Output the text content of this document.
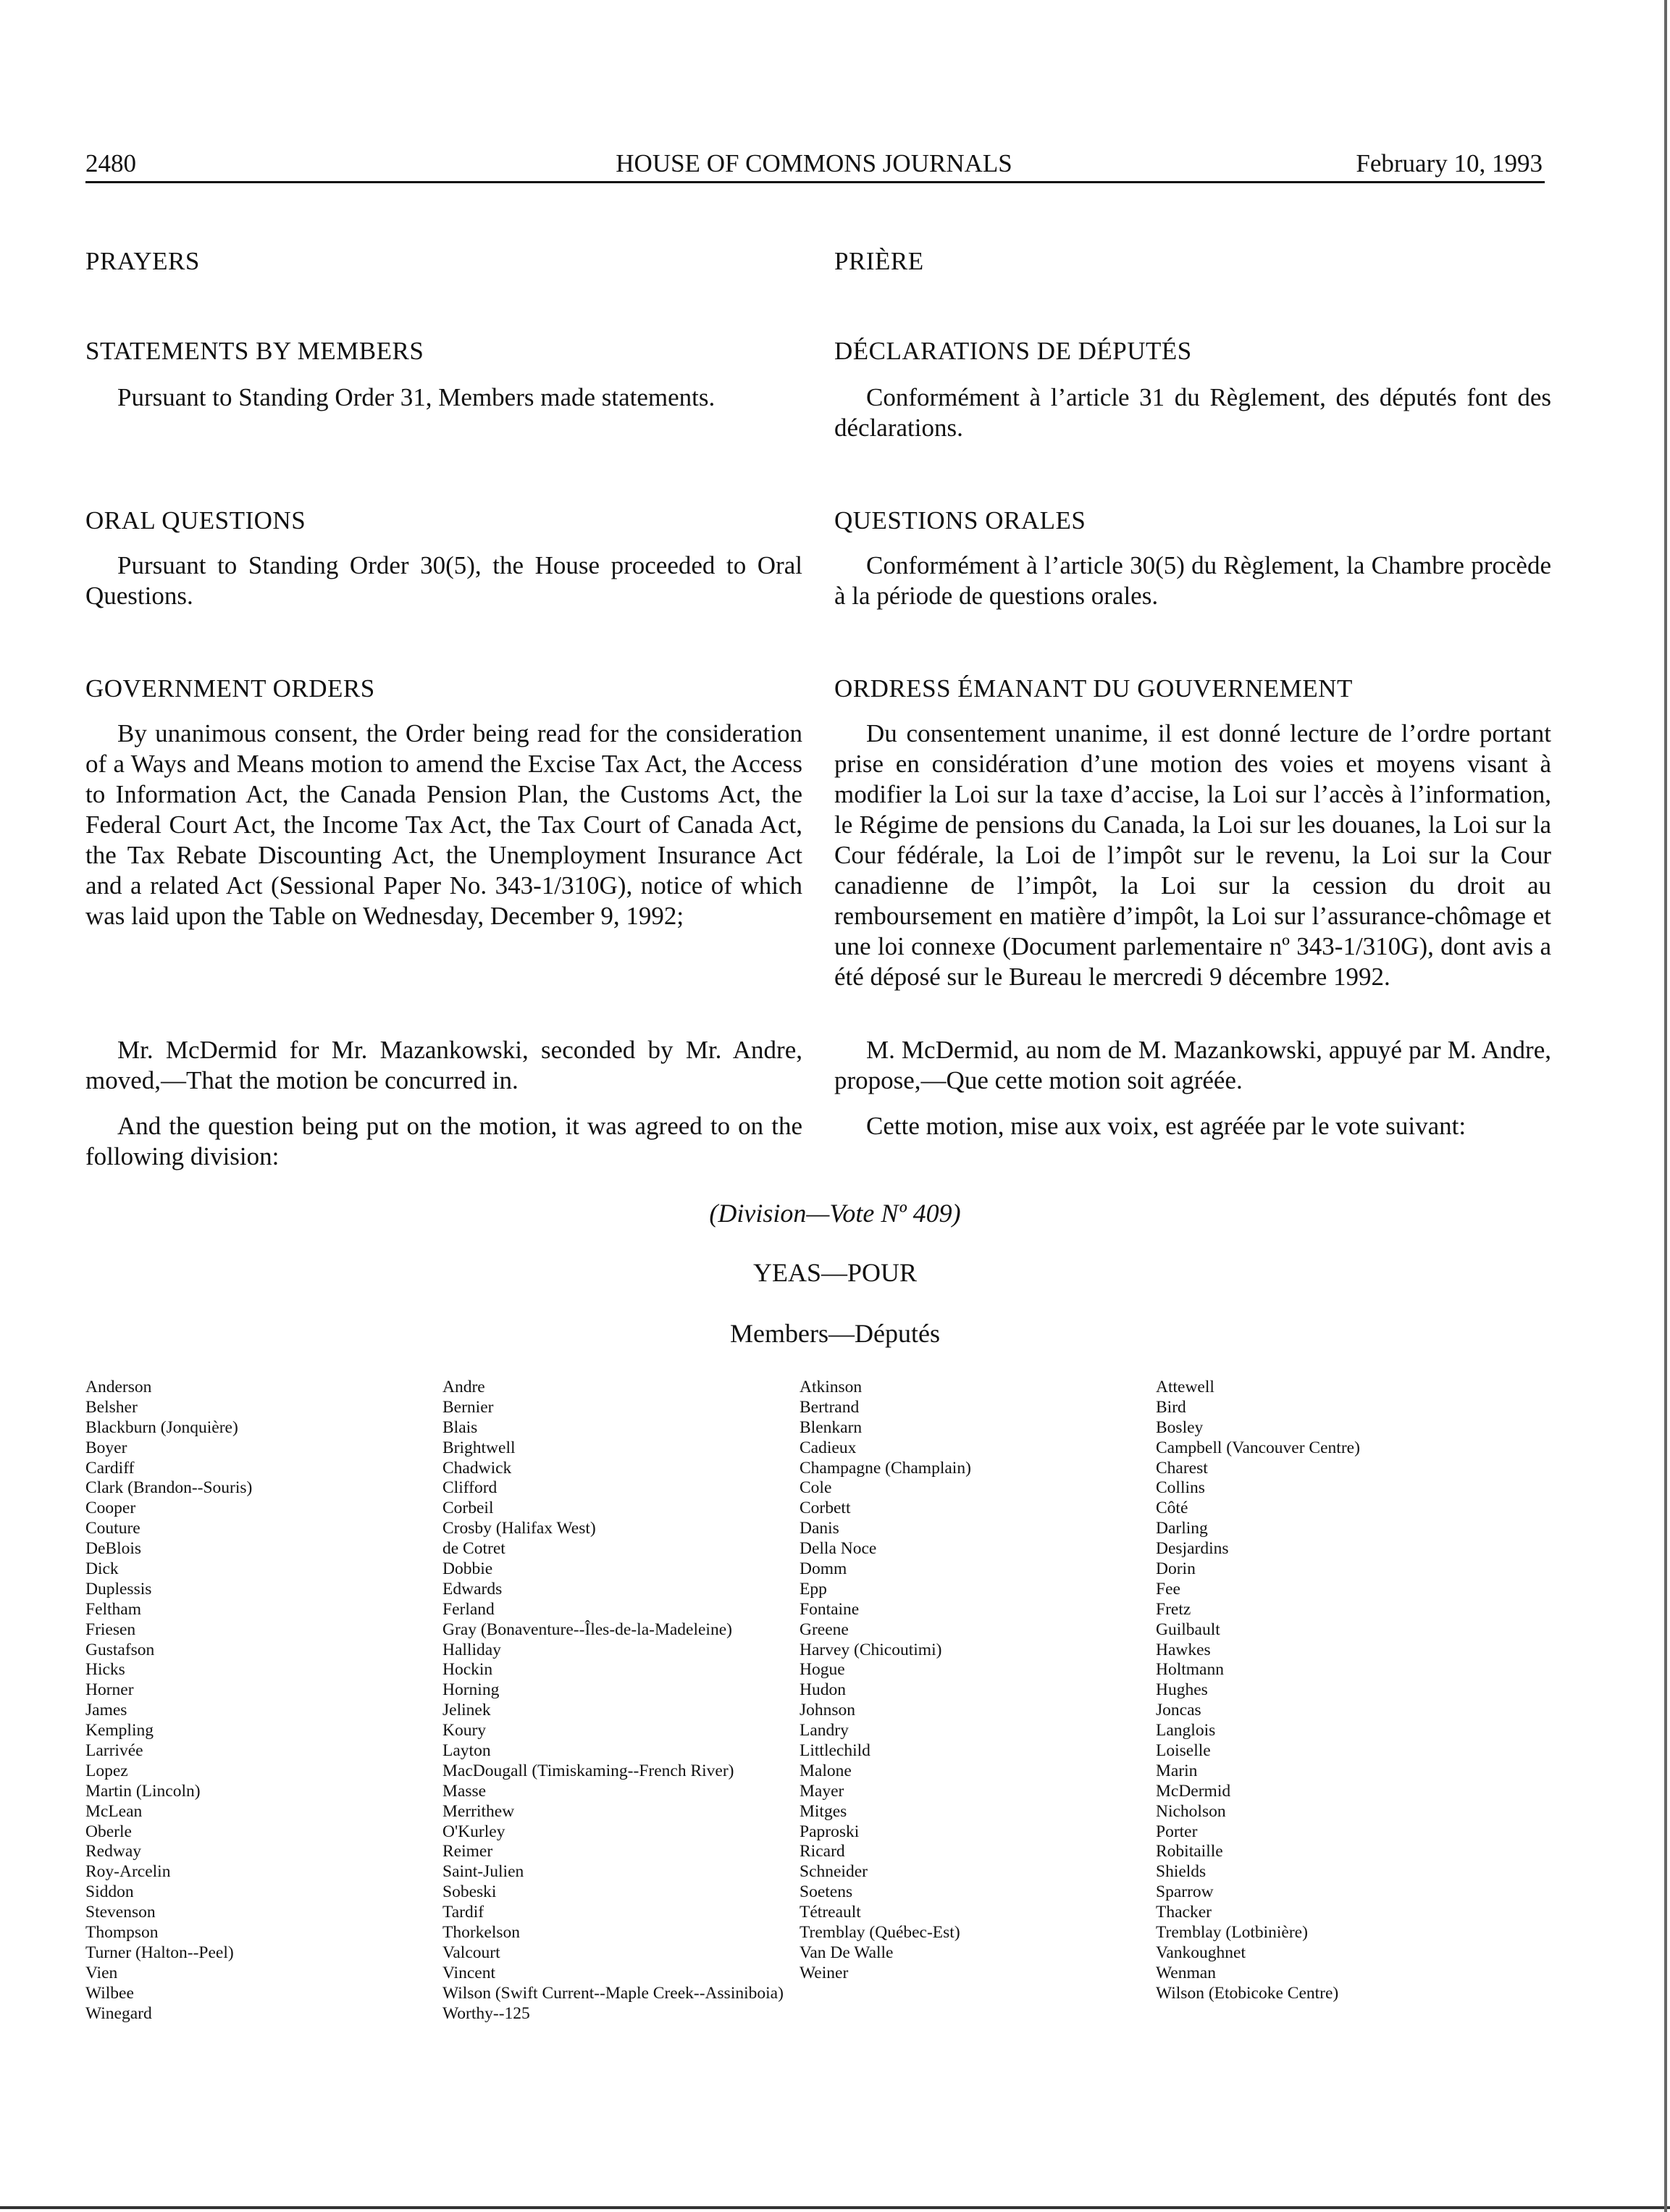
2480	HOUSE OF COMMONS JOURNALS	February 10, 1993
PRAYERS
STATEMENTS BY MEMBERS
Pursuant to Standing Order 31, Members made statements.
ORAL QUESTIONS
Pursuant to Standing Order 30(5), the House proceeded to Oral Questions.
GOVERNMENT ORDERS
By unanimous consent, the Order being read for the consideration of a Ways and Means motion to amend the Excise Tax Act, the Access to Information Act, the Canada Pension Plan, the Customs Act, the Federal Court Act, the Income Tax Act, the Tax Court of Canada Act, the Tax Rebate Discounting Act, the Unemployment Insurance Act and a related Act (Sessional Paper No. 343-1/310G), notice of which was laid upon the Table on Wednesday, December 9, 1992;
Mr. McDermid for Mr. Mazankowski, seconded by Mr. Andre, moved,—That the motion be concurred in.
And the question being put on the motion, it was agreed to on the following division:
PRIÈRE
DÉCLARATIONS DE DÉPUTÉS
Conformément à l’article 31 du Règlement, des députés font des déclarations.
QUESTIONS ORALES
Conformément à l’article 30(5) du Règlement, la Chambre procède à la période de questions orales.
ORDRESS ÉMANANT DU GOUVERNEMENT
Du consentement unanime, il est donné lecture de l’ordre portant prise en considération d’une motion des voies et moyens visant à modifier la Loi sur la taxe d’accise, la Loi sur l’accès à l’information, le Régime de pensions du Canada, la Loi sur les douanes, la Loi sur la Cour fédérale, la Loi de l’impôt sur le revenu, la Loi sur la Cour canadienne de l’impôt, la Loi sur la cession du droit au remboursement en matière d’impôt, la Loi sur l’assurance-chômage et une loi connexe (Document parlementaire nº 343-1/310G), dont avis a été déposé sur le Bureau le mercredi 9 décembre 1992.
M. McDermid, au nom de M. Mazankowski, appuyé par M. Andre, propose,—Que cette motion soit agréée.
Cette motion, mise aux voix, est agréée par le vote suivant:
(Division—Vote Nº 409)
YEAS—POUR
Members—Députés
Anderson
Belsher
Blackburn (Jonquière)
Boyer
Cardiff
Clark (Brandon--Souris)
Cooper
Couture
DeBlois
Dick
Duplessis
Feltham
Friesen
Gustafson
Hicks
Horner
James
Kempling
Larrivée
Lopez
Martin (Lincoln)
McLean
Oberle
Redway
Roy-Arcelin
Siddon
Stevenson
Thompson
Turner (Halton--Peel)
Vien
Wilbee
Winegard
Andre
Bernier
Blais
Brightwell
Chadwick
Clifford
Corbeil
Crosby (Halifax West)
de Cotret
Dobbie
Edwards
Ferland
Gray (Bonaventure--Îles-de-la-Madeleine)
Halliday
Hockin
Horning
Jelinek
Koury
Layton
MacDougall (Timiskaming--French River)
Masse
Merrithew
O'Kurley
Reimer
Saint-Julien
Sobeski
Tardif
Thorkelson
Valcourt
Vincent
Wilson (Swift Current--Maple Creek--Assiniboia)
Worthy--125
Atkinson
Bertrand
Blenkarn
Cadieux
Champagne (Champlain)
Cole
Corbett
Danis
Della Noce
Domm
Epp
Fontaine
Greene
Harvey (Chicoutimi)
Hogue
Hudon
Johnson
Landry
Littlechild
Malone
Mayer
Mitges
Paproski
Ricard
Schneider
Soetens
Tétreault
Tremblay (Québec-Est)
Van De Walle
Weiner
Attewell
Bird
Bosley
Campbell (Vancouver Centre)
Charest
Collins
Côté
Darling
Desjardins
Dorin
Fee
Fretz
Guilbault
Hawkes
Holtmann
Hughes
Joncas
Langlois
Loiselle
Marin
McDermid
Nicholson
Porter
Robitaille
Shields
Sparrow
Thacker
Tremblay (Lotbinière)
Vankoughnet
Wenman
Wilson (Etobicoke Centre)
